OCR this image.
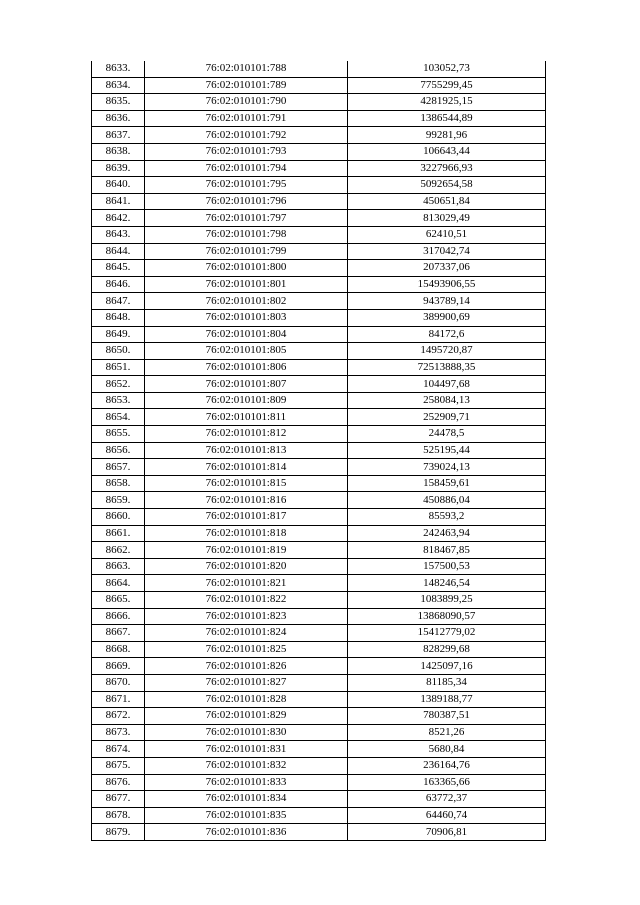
8633.	76:02:010101:788	103052,73
8634.	76:02:010101:789	7755299,45
8635.	76:02:010101:790	4281925,15
8636.	76:02:010101:791	1386544,89
8637.	76:02:010101:792	99281,96
8638.	76:02:010101:793	106643,44
8639.	76:02:010101:794	3227966,93
8640.	76:02:010101:795	5092654,58
8641.	76:02:010101:796	450651,84
8642.	76:02:010101:797	813029,49
8643.	76:02:010101:798	62410,51
8644.	76:02:010101:799	317042,74
8645.	76:02:010101:800	207337,06
8646.	76:02:010101:801	15493906,55
8647.	76:02:010101:802	943789,14
8648.	76:02:010101:803	389900,69
8649.	76:02:010101:804	84172,6
8650.	76:02:010101:805	1495720,87
8651.	76:02:010101:806	72513888,35
8652.	76:02:010101:807	104497,68
8653.	76:02:010101:809	258084,13
8654.	76:02:010101:811	252909,71
8655.	76:02:010101:812	24478,5
8656.	76:02:010101:813	525195,44
8657.	76:02:010101:814	739024,13
8658.	76:02:010101:815	158459,61
8659.	76:02:010101:816	450886,04
8660.	76:02:010101:817	85593,2
8661.	76:02:010101:818	242463,94
8662.	76:02:010101:819	818467,85
8663.	76:02:010101:820	157500,53
8664.	76:02:010101:821	148246,54
8665.	76:02:010101:822	1083899,25
8666.	76:02:010101:823	13868090,57
8667.	76:02:010101:824	15412779,02
8668.	76:02:010101:825	828299,68
8669.	76:02:010101:826	1425097,16
8670.	76:02:010101:827	81185,34
8671.	76:02:010101:828	1389188,77
8672.	76:02:010101:829	780387,51
8673.	76:02:010101:830	8521,26
8674.	76:02:010101:831	5680,84
8675.	76:02:010101:832	236164,76
8676.	76:02:010101:833	163365,66
8677.	76:02:010101:834	63772,37
8678.	76:02:010101:835	64460,74
8679.	76:02:010101:836	70906,81
